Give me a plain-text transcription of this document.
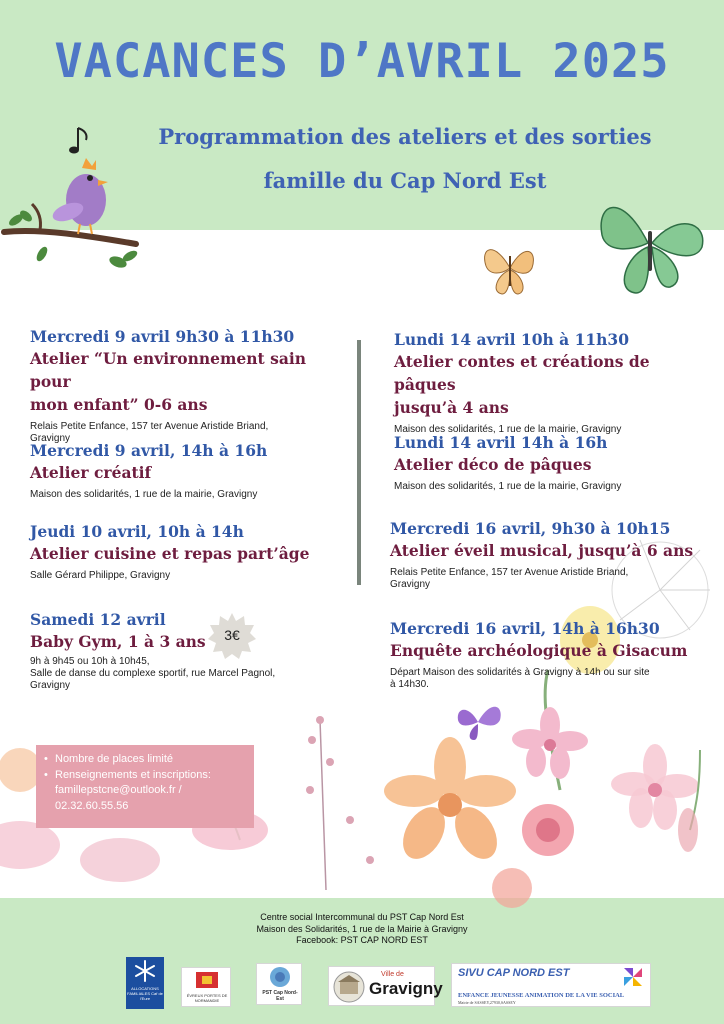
VACANCES D’AVRIL 2025
Programmation des ateliers et des sorties
famille du Cap Nord Est
Mercredi 9 avril 9h30 à 11h30
Atelier “Un environnement sain pour
mon enfant” 0-6 ans
Relais Petite Enfance, 157 ter Avenue Aristide Briand,
Gravigny
Mercredi 9 avril, 14h à 16h
Atelier créatif
Maison des solidarités, 1 rue de la mairie, Gravigny
Jeudi 10 avril, 10h à 14h
Atelier cuisine et repas part’âge
Salle Gérard Philippe, Gravigny
Samedi 12 avril
Baby Gym, 1 à 3 ans
9h à 9h45 ou 10h à 10h45,
Salle de danse du complexe sportif, rue Marcel Pagnol,
Gravigny
3€
Lundi 14 avril 10h à 11h30
Atelier contes et créations de pâques
jusqu’à 4 ans
Maison des solidarités, 1 rue de la mairie, Gravigny
Lundi 14 avril 14h à 16h
Atelier déco de pâques
Maison des solidarités, 1 rue de la mairie, Gravigny
Mercredi 16 avril, 9h30 à 10h15
Atelier éveil musical, jusqu’à 6 ans
Relais Petite Enfance, 157 ter Avenue Aristide Briand,
Gravigny
Mercredi 16 avril, 14h à 16h30
Enquête archéologique à Gisacum
Départ Maison des solidarités à Gravigny à 14h ou sur site
à 14h30.
• Nombre de places limité
• Renseignements et inscriptions:
famillepstcne@outlook.fr /
02.32.60.55.56
Centre social Intercommunal du PST Cap Nord Est
Maison des Solidarités, 1 rue de la Mairie à Gravigny
Facebook: PST CAP NORD EST
ALLOCATIONS FAMILIALES Caf de l’Eure
ÉVREUX PORTES DE NORMANDIE
PST Cap Nord-Est
Ville de
Gravigny
SIVU CAP NORD EST
ENFANCE JEUNESSE ANIMATION DE LA VIE SOCIAL
Mairie de SASSEY,27930,SASSEY
